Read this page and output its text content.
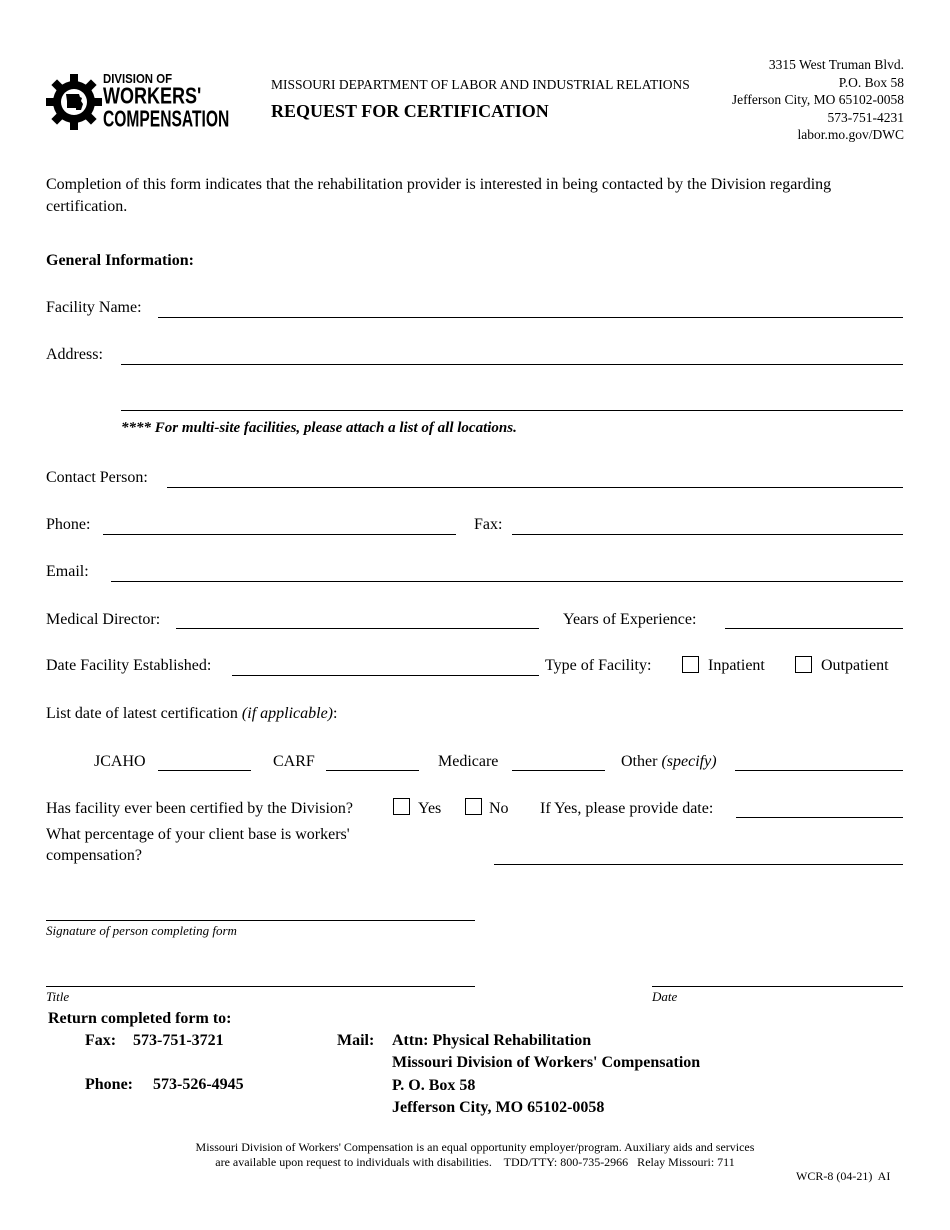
DIVISION OF
WORKERS'
COMPENSATION
MISSOURI DEPARTMENT OF LABOR AND INDUSTRIAL RELATIONS
REQUEST FOR CERTIFICATION
3315 West Truman Blvd.
P.O. Box 58
Jefferson City, MO 65102-0058
573-751-4231
labor.mo.gov/DWC
Completion of this form indicates that the rehabilitation provider is interested in being contacted by the Division regarding
certification.
General Information:
Facility Name:
Address:
**** For multi-site facilities, please attach a list of all locations.
Contact Person:
Phone:	Fax:
Email:
Medical Director:	Years of Experience:
Date Facility Established:	Type of Facility:	Inpatient	Outpatient
List date of latest certification (if applicable):
JCAHO	CARF	Medicare	Other (specify)
Has facility ever been certified by the Division?	Yes	No If Yes, please provide date:
What percentage of your client base is workers'
compensation?
Signature of person completing form
Title	Date
Return completed form to:
Fax: 573-751-3721
Phone: 573-526-4945
Mail: Attn: Physical Rehabilitation
Missouri Division of Workers' Compensation
P. O. Box 58
Jefferson City, MO 65102-0058
Missouri Division of Workers' Compensation is an equal opportunity employer/program. Auxiliary aids and services
are available upon request to individuals with disabilities.    TDD/TTY: 800-735-2966   Relay Missouri: 711
WCR-8 (04-21)  AI
